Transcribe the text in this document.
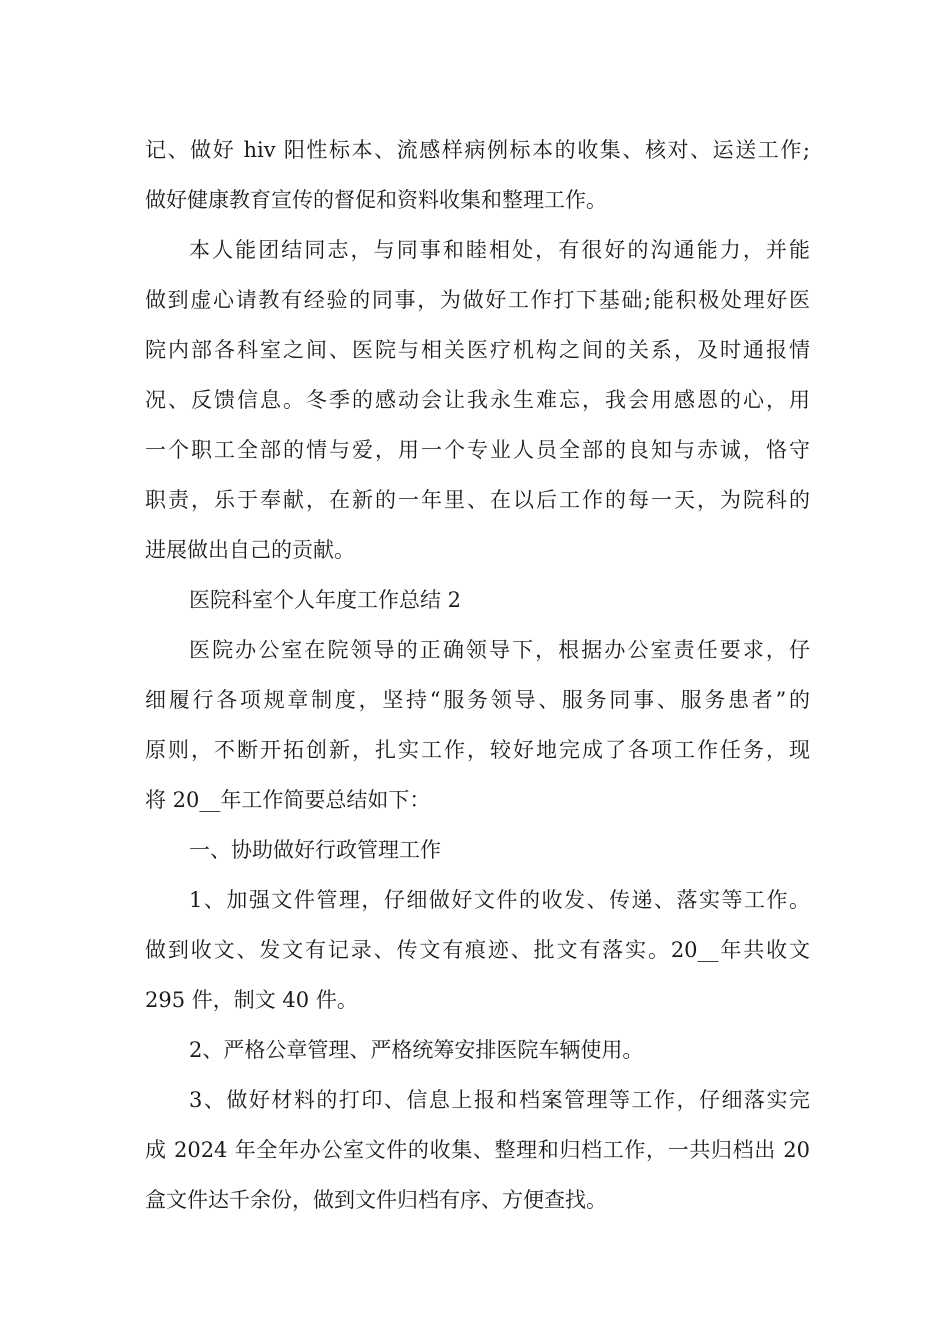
记、做好 hiv 阳性标本、流感样病例标本的收集、核对、运送工作;
做好健康教育宣传的督促和资料收集和整理工作。
本人能团结同志，与同事和睦相处，有很好的沟通能力，并能
做到虚心请教有经验的同事，为做好工作打下基础;能积极处理好医
院内部各科室之间、医院与相关医疗机构之间的关系，及时通报情
况、反馈信息。冬季的感动会让我永生难忘，我会用感恩的心，用
一个职工全部的情与爱，用一个专业人员全部的良知与赤诚，恪守
职责，乐于奉献，在新的一年里、在以后工作的每一天，为院科的
进展做出自己的贡献。
医院科室个人年度工作总结 2
医院办公室在院领导的正确领导下，根据办公室责任要求，仔
细履行各项规章制度，坚持“服务领导、服务同事、服务患者”的
原则，不断开拓创新，扎实工作，较好地完成了各项工作任务，现
将 20__年工作简要总结如下：
一、协助做好行政管理工作
1、加强文件管理，仔细做好文件的收发、传递、落实等工作。
做到收文、发文有记录、传文有痕迹、批文有落实。20__年共收文
295 件，制文 40 件。
2、严格公章管理、严格统筹安排医院车辆使用。
3、做好材料的打印、信息上报和档案管理等工作，仔细落实完
成 2024 年全年办公室文件的收集、整理和归档工作，一共归档出 20
盒文件达千余份，做到文件归档有序、方便查找。
